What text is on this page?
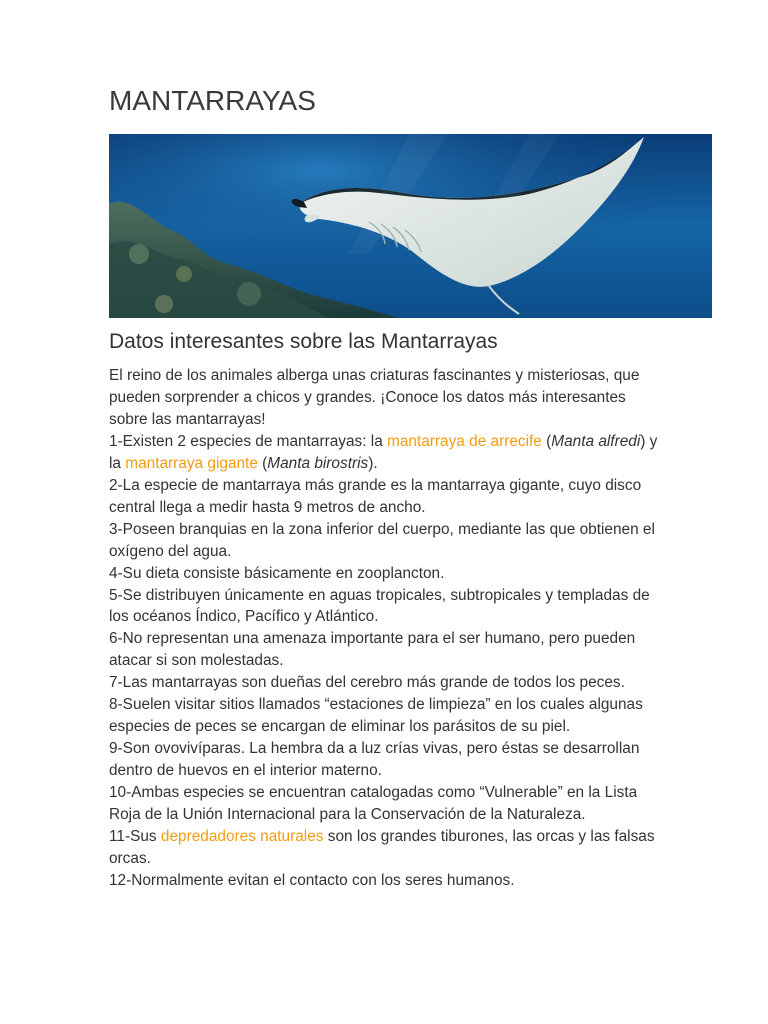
MANTARRAYAS
Datos interesantes sobre las Mantarrayas

El reino de los animales alberga unas criaturas fascinantes y misteriosas, que pueden sorprender a chicos y grandes. ¡Conoce los datos más interesantes sobre las mantarrayas!

1-Existen 2 especies de mantarrayas: la mantarraya de arrecife (Manta alfredi) y la mantarraya gigante (Manta birostris).

2-La especie de mantarraya más grande es la mantarraya gigante, cuyo disco central llega a medir hasta 9 metros de ancho.

3-Poseen branquias en la zona inferior del cuerpo, mediante las que obtienen el oxígeno del agua.

4-Su dieta consiste básicamente en zooplancton.

5-Se distribuyen únicamente en aguas tropicales, subtropicales y templadas de los océanos Índico, Pacífico y Atlántico.

6-No representan una amenaza importante para el ser humano, pero pueden atacar si son molestadas.

7-Las mantarrayas son dueñas del cerebro más grande de todos los peces.

8-Suelen visitar sitios llamados “estaciones de limpieza” en los cuales algunas especies de peces se encargan de eliminar los parásitos de su piel.

9-Son ovovivíparas. La hembra da a luz crías vivas, pero éstas se desarrollan dentro de huevos en el interior materno.

10-Ambas especies se encuentran catalogadas como “Vulnerable” en la Lista Roja de la Unión Internacional para la Conservación de la Naturaleza.

11-Sus depredadores naturales son los grandes tiburones, las orcas y las falsas orcas.

12-Normalmente evitan el contacto con los seres humanos.
